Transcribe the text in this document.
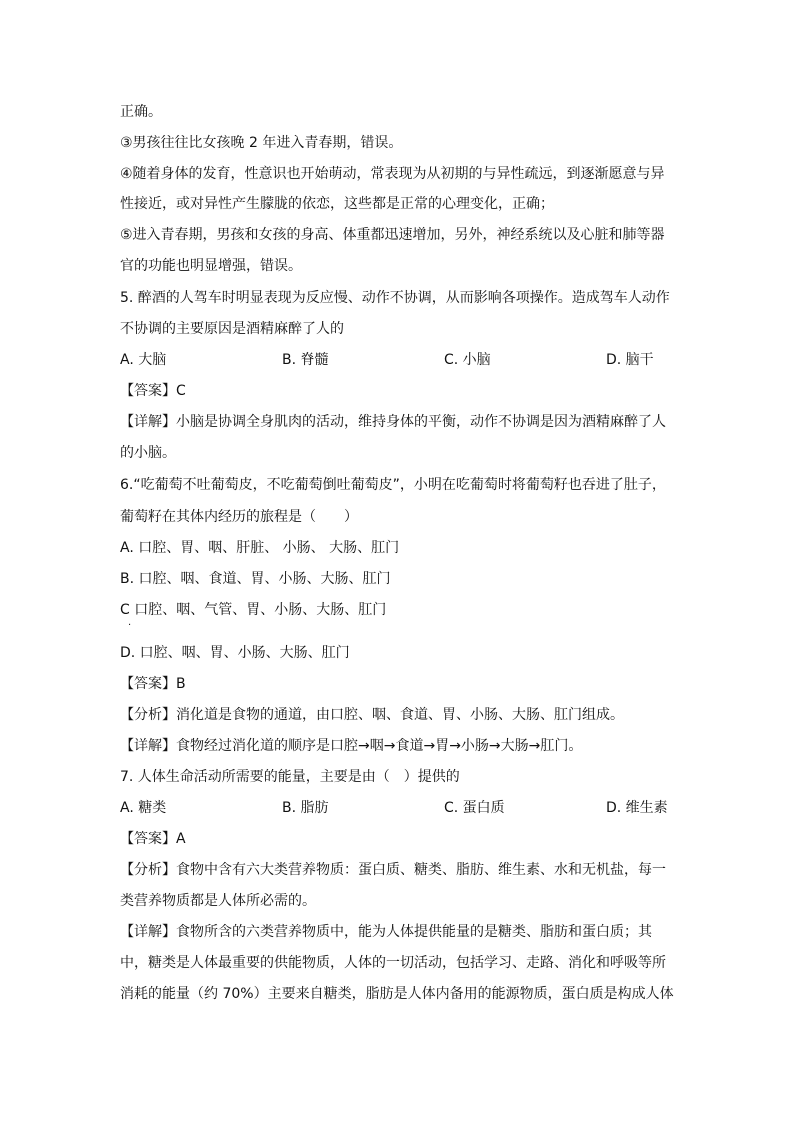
正确。
③男孩往往比女孩晚 2 年进入青春期，错误。
④随着身体的发育，性意识也开始萌动，常表现为从初期的与异性疏远，到逐渐愿意与异
性接近，或对异性产生朦胧的依恋，这些都是正常的心理变化，正确；
⑤进入青春期，男孩和女孩的身高、体重都迅速增加，另外，神经系统以及心脏和肺等器
官的功能也明显增强，错误。
5. 醉酒的人驾车时明显表现为反应慢、动作不协调，从而影响各项操作。造成驾车人动作
不协调的主要原因是酒精麻醉了人的
A. 大脑	B. 脊髓	C. 小脑	D. 脑干
【答案】C
【详解】小脑是协调全身肌肉的活动，维持身体的平衡，动作不协调是因为酒精麻醉了人
的小脑。
6.“吃葡萄不吐葡萄皮，不吃葡萄倒吐葡萄皮”，小明在吃葡萄时将葡萄籽也吞进了肚子，
葡萄籽在其体内经历的旅程是（　　）
A. 口腔、胃、咽、肝脏、 小肠、 大肠、肛门
B. 口腔、咽、食道、胃、小肠、大肠、肛门
C 口腔、咽、气管、胃、小肠、大肠、肛门
·
D. 口腔、咽、胃、小肠、大肠、肛门
【答案】B
【分析】消化道是食物的通道，由口腔、咽、食道、胃、小肠、大肠、肛门组成。
【详解】食物经过消化道的顺序是口腔→咽→食道→胃→小肠→大肠→肛门。
7. 人体生命活动所需要的能量，主要是由（　）提供的
A. 糖类	B. 脂肪	C. 蛋白质	D. 维生素
【答案】A
【分析】食物中含有六大类营养物质：蛋白质、糖类、脂肪、维生素、水和无机盐，每一
类营养物质都是人体所必需的。
【详解】食物所含的六类营养物质中，能为人体提供能量的是糖类、脂肪和蛋白质；其
中，糖类是人体最重要的供能物质，人体的一切活动，包括学习、走路、消化和呼吸等所
消耗的能量（约 70%）主要来自糖类，脂肪是人体内备用的能源物质，蛋白质是构成人体
